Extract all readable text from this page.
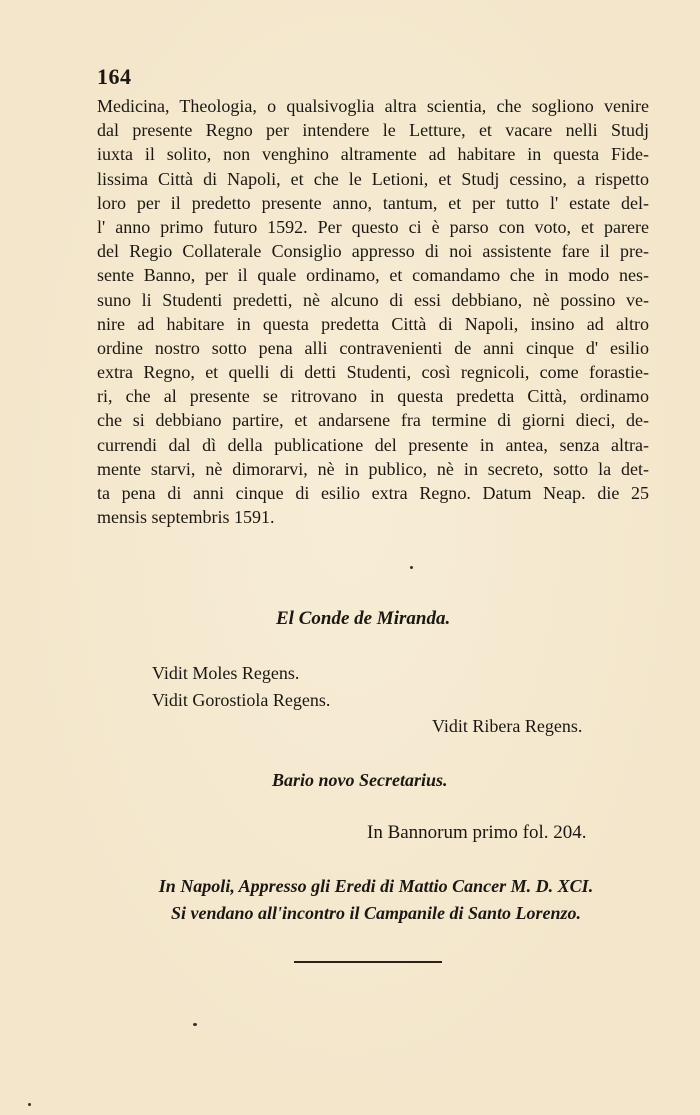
164
Medicina, Theologia, o qualsivoglia altra scientia, che sogliono venire
dal presente Regno per intendere le Letture, et vacare nelli Studj
iuxta il solito, non venghino altramente ad habitare in questa Fide-
lissima Città di Napoli, et che le Letioni, et Studj cessino, a rispetto
loro per il predetto presente anno, tantum, et per tutto l' estate del-
l' anno primo futuro 1592. Per questo ci è parso con voto, et parere
del Regio Collaterale Consiglio appresso di noi assistente fare il pre-
sente Banno, per il quale ordinamo, et comandamo che in modo nes-
suno li Studenti predetti, nè alcuno di essi debbiano, nè possino ve-
nire ad habitare in questa predetta Città di Napoli, insino ad altro
ordine nostro sotto pena alli contravenienti de anni cinque d' esilio
extra Regno, et quelli di detti Studenti, così regnicoli, come forastie-
ri, che al presente se ritrovano in questa predetta Città, ordinamo
che si debbiano partire, et andarsene fra termine di giorni dieci, de-
currendi dal dì della publicatione del presente in antea, senza altra-
mente starvi, nè dimorarvi, nè in publico, nè in secreto, sotto la det-
ta pena di anni cinque di esilio extra Regno. Datum Neap. die 25
mensis septembris 1591.
El Conde de Miranda.
Vidit Moles Regens.
Vidit Gorostiola Regens.
Vidit Ribera Regens.
Bario novo Secretarius.
In Bannorum primo fol. 204.
In Napoli, Appresso gli Eredi di Mattio Cancer M. D. XCI.
Si vendano all'incontro il Campanile di Santo Lorenzo.
